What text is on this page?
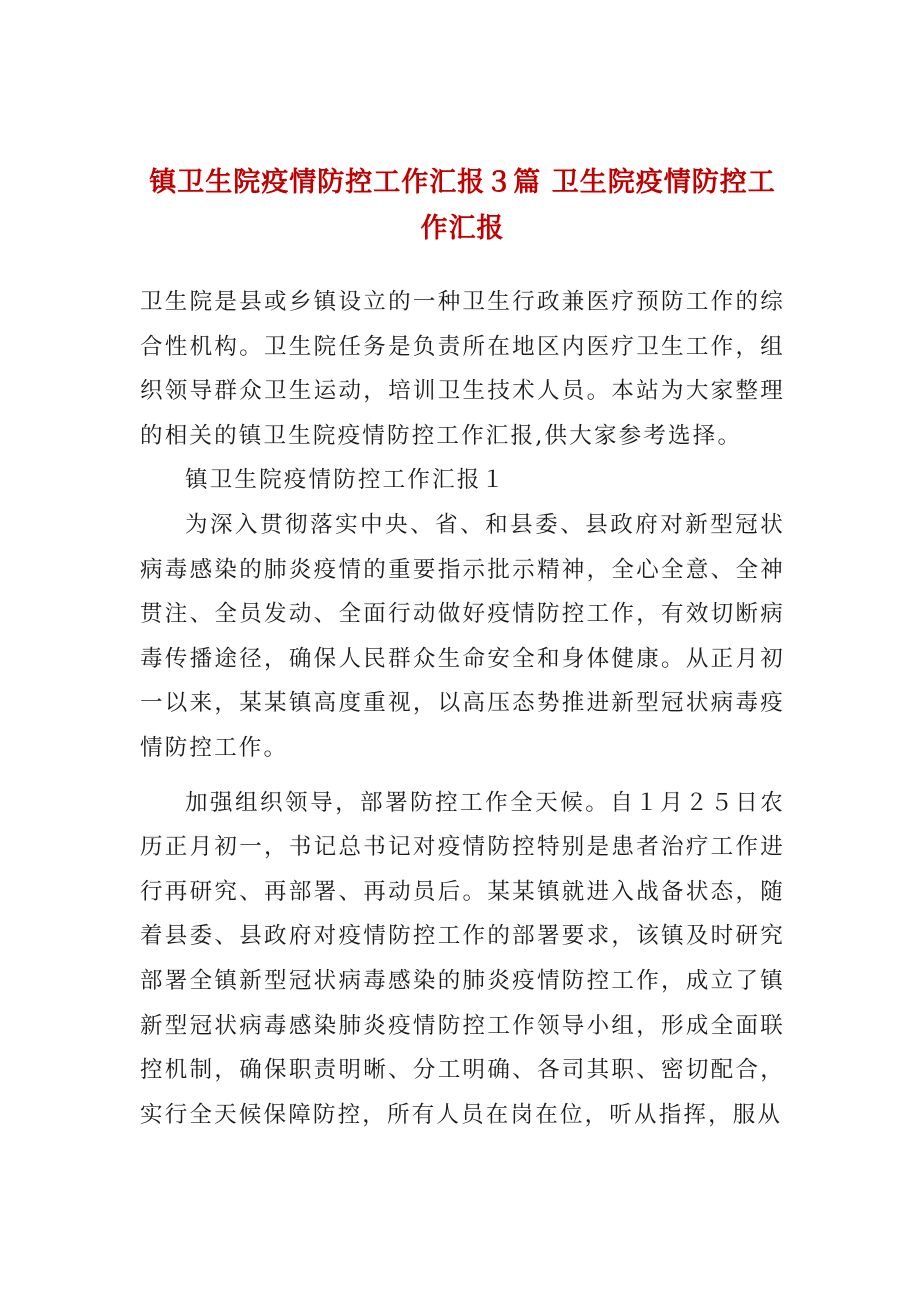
镇卫生院疫情防控工作汇报３篇 卫生院疫情防控工
作汇报

卫生院是县或乡镇设立的一种卫生行政兼医疗预防工作的综合性机构。卫生院任务是负责所在地区内医疗卫生工作，组织领导群众卫生运动，培训卫生技术人员。本站为大家整理的相关的镇卫生院疫情防控工作汇报,供大家参考选择。

镇卫生院疫情防控工作汇报１

为深入贯彻落实中央、省、和县委、县政府对新型冠状病毒感染的肺炎疫情的重要指示批示精神，全心全意、全神贯注、全员发动、全面行动做好疫情防控工作，有效切断病毒传播途径，确保人民群众生命安全和身体健康。从正月初一以来，某某镇高度重视，以高压态势推进新型冠状病毒疫情防控工作。

加强组织领导，部署防控工作全天候。自１月２５日农历正月初一，书记总书记对疫情防控特别是患者治疗工作进行再研究、再部署、再动员后。某某镇就进入战备状态，随着县委、县政府对疫情防控工作的部署要求，该镇及时研究部署全镇新型冠状病毒感染的肺炎疫情防控工作，成立了镇新型冠状病毒感染肺炎疫情防控工作领导小组，形成全面联控机制，确保职责明晰、分工明确、各司其职、密切配合，实行全天候保障防控，所有人员在岗在位，听从指挥，服从
